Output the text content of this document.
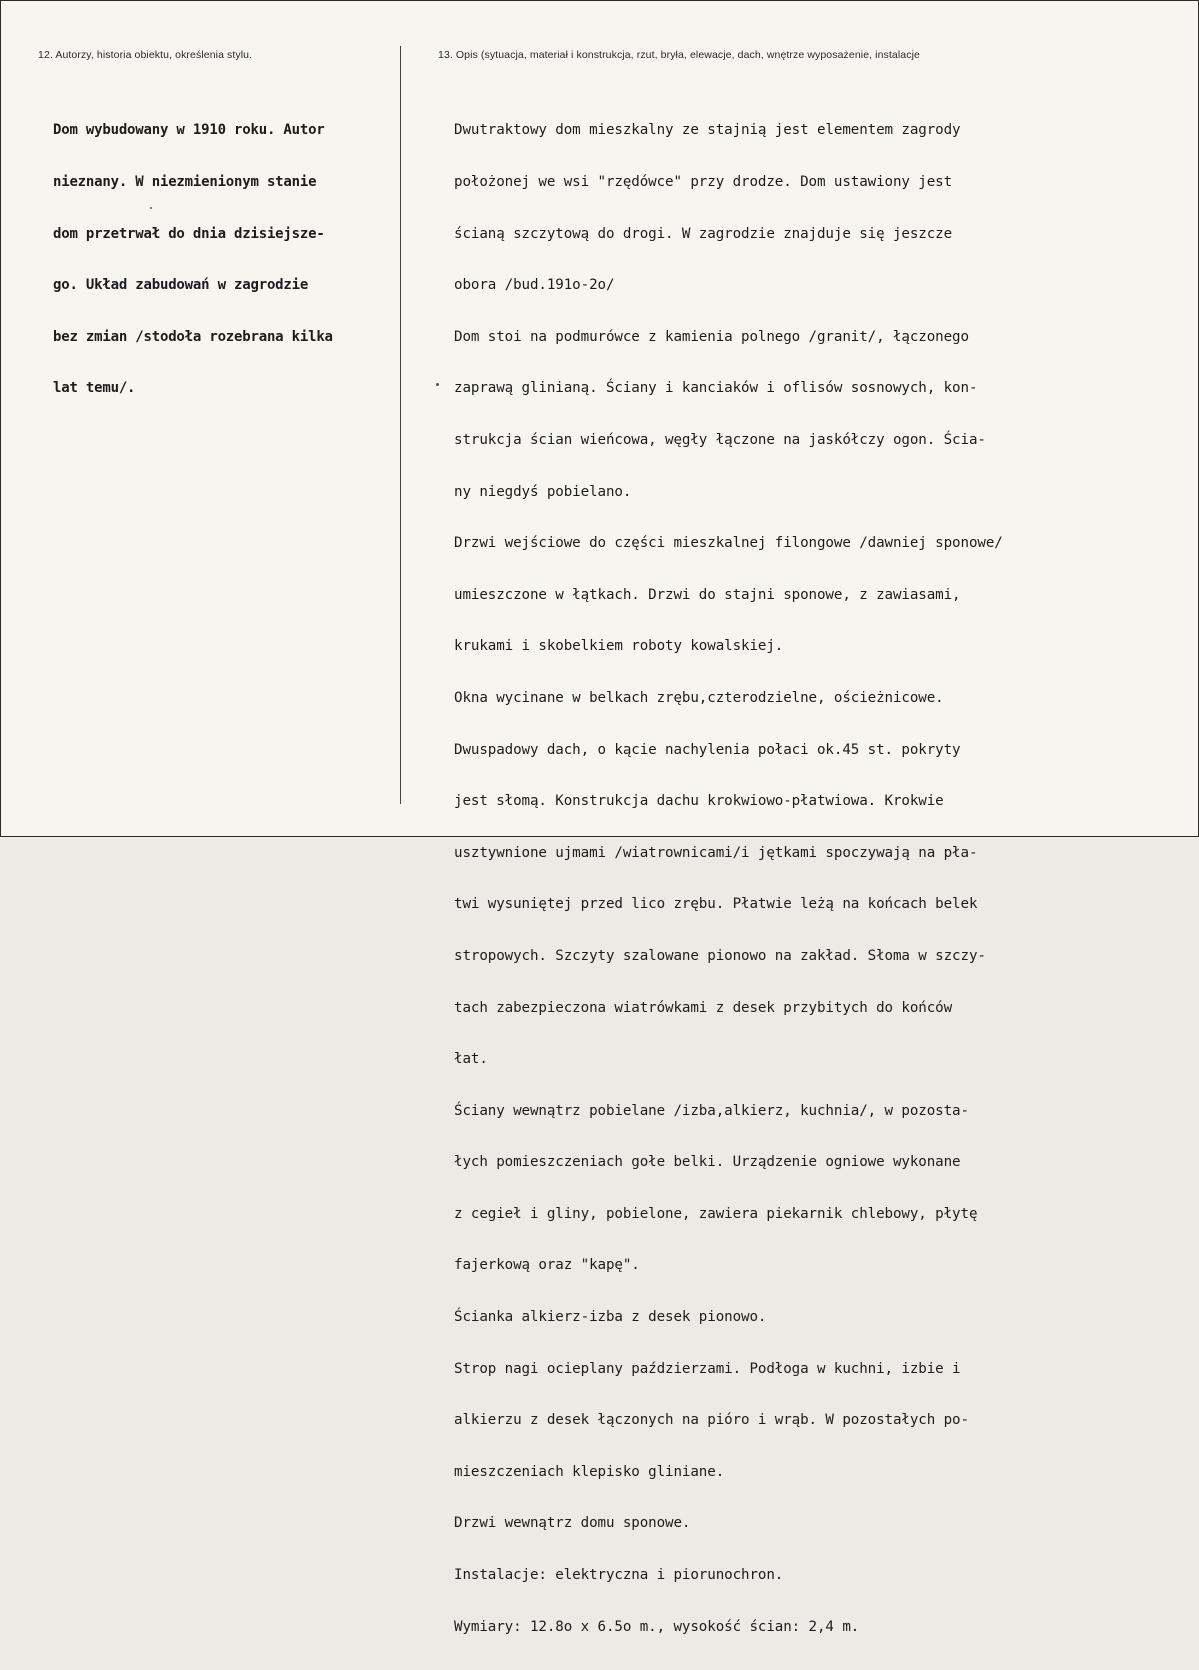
12. Autorzy, historia obiektu, określenia stylu.	13. Opis (sytuacja, materiał i konstrukcja, rzut, bryła, elewacje, dach, wnętrze wyposażenie, instalacje

Dom wybudowany w 1910 roku. Autor

nieznany. W niezmienionym stanie

dom przetrwał do dnia dzisiejsze-

go. Układ zabudowań w zagrodzie

bez zmian /stodoła rozebrana kilka

lat temu/.

Dwutraktowy dom mieszkalny ze stajnią jest elementem zagrody

położonej we wsi "rzędówce" przy drodze. Dom ustawiony jest

ścianą szczytową do drogi. W zagrodzie znajduje się jeszcze

obora /bud.191o-2o/

Dom stoi na podmurówce z kamienia polnego /granit/, łączonego

zaprawą glinianą. Ściany i kanciaków i oflisów sosnowych, kon-

strukcja ścian wieńcowa, węgły łączone na jaskółczy ogon. Ścia-

ny niegdyś pobielano.

Drzwi wejściowe do części mieszkalnej filongowe /dawniej sponowe/

umieszczone w łątkach. Drzwi do stajni sponowe, z zawiasami,

krukami i skobelkiem roboty kowalskiej.

Okna wycinane w belkach zrębu,czterodzielne, ościeżnicowe.

Dwuspadowy dach, o kącie nachylenia połaci ok.45 st. pokryty

jest słomą. Konstrukcja dachu krokwiowo-płatwiowa. Krokwie

usztywnione ujmami /wiatrownicami/i jętkami spoczywają na pła-

twi wysuniętej przed lico zrębu. Płatwie leżą na końcach belek

stropowych. Szczyty szalowane pionowo na zakład. Słoma w szczy-

tach zabezpieczona wiatrówkami z desek przybitych do końców

łat.

Ściany wewnątrz pobielane /izba,alkierz, kuchnia/, w pozosta-

łych pomieszczeniach gołe belki. Urządzenie ogniowe wykonane

z cegieł i gliny, pobielone, zawiera piekarnik chlebowy, płytę

fajerkową oraz "kapę".

Ścianka alkierz-izba z desek pionowo.

Strop nagi ocieplany paździerzami. Podłoga w kuchni, izbie i

alkierzu z desek łączonych na pióro i wrąb. W pozostałych po-

mieszczeniach klepisko gliniane.

Drzwi wewnątrz domu sponowe.

Instalacje: elektryczna i piorunochron.

Wymiary: 12.8o x 6.5o m., wysokość ścian: 2,4 m.
